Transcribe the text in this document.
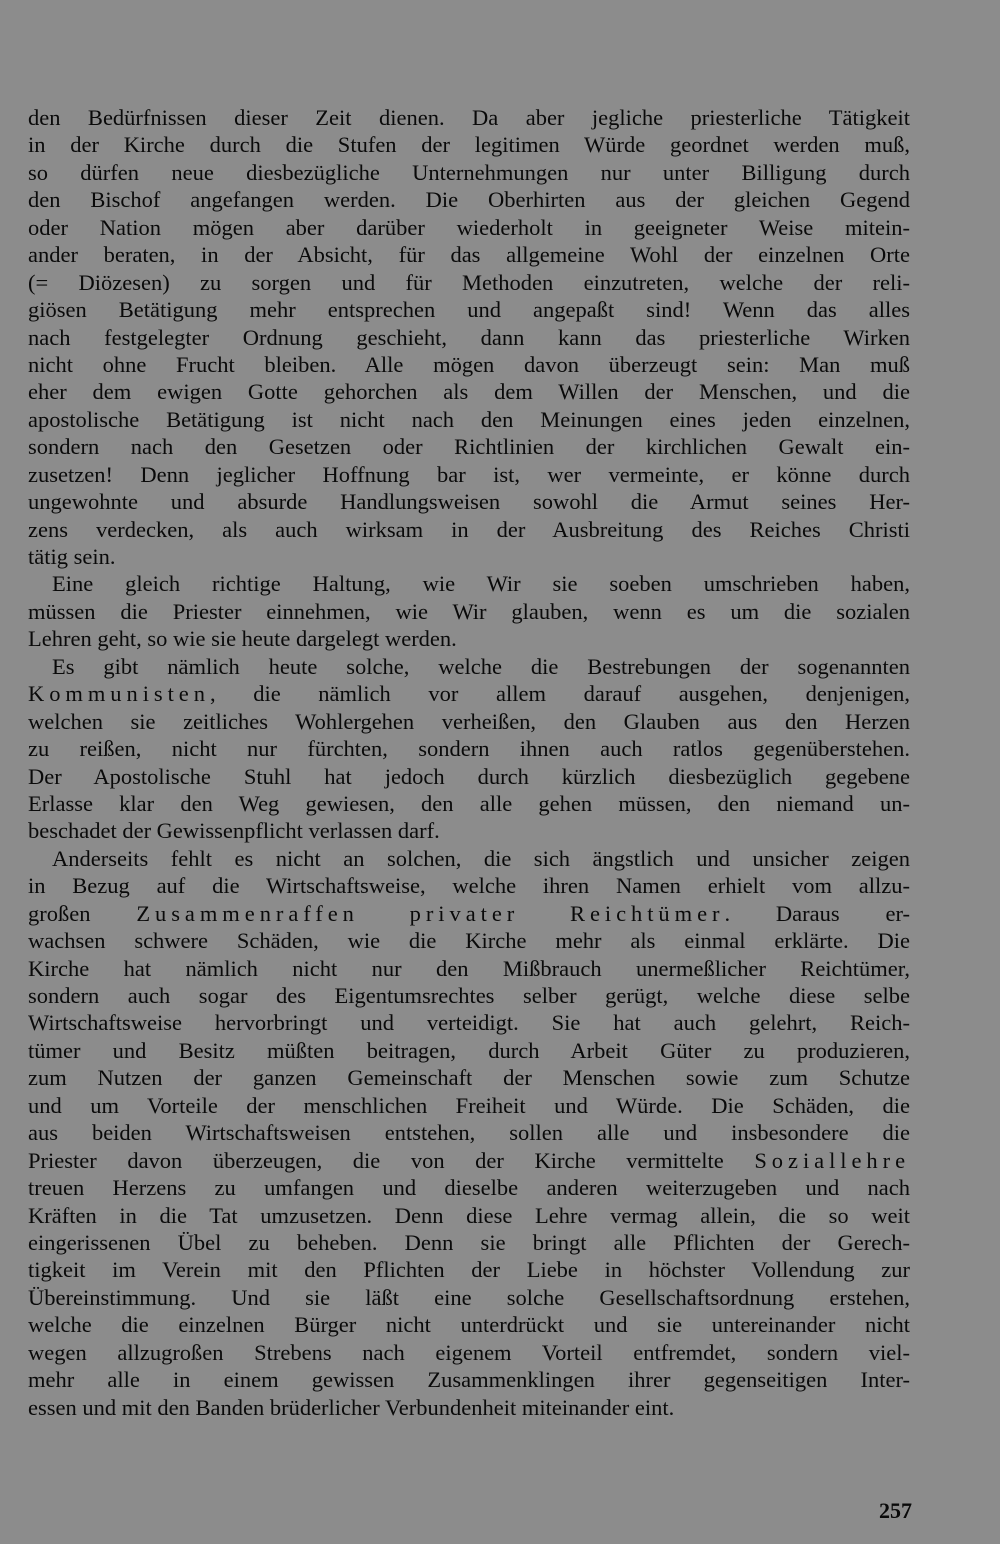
den Bedürfnissen dieser Zeit dienen. Da aber jegliche priesterliche Tätigkeit
in der Kirche durch die Stufen der legitimen Würde geordnet werden muß,
so dürfen neue diesbezügliche Unternehmungen nur unter Billigung durch
den Bischof angefangen werden. Die Oberhirten aus der gleichen Gegend
oder Nation mögen aber darüber wiederholt in geeigneter Weise mitein-
ander beraten, in der Absicht, für das allgemeine Wohl der einzelnen Orte
(= Diözesen) zu sorgen und für Methoden einzutreten, welche der reli-
giösen Betätigung mehr entsprechen und angepaßt sind! Wenn das alles
nach festgelegter Ordnung geschieht, dann kann das priesterliche Wirken
nicht ohne Frucht bleiben. Alle mögen davon überzeugt sein: Man muß
eher dem ewigen Gotte gehorchen als dem Willen der Menschen, und die
apostolische Betätigung ist nicht nach den Meinungen eines jeden einzelnen,
sondern nach den Gesetzen oder Richtlinien der kirchlichen Gewalt ein-
zusetzen! Denn jeglicher Hoffnung bar ist, wer vermeinte, er könne durch
ungewohnte und absurde Handlungsweisen sowohl die Armut seines Her-
zens verdecken, als auch wirksam in der Ausbreitung des Reiches Christi
tätig sein.
Eine gleich richtige Haltung, wie Wir sie soeben umschrieben haben,
müssen die Priester einnehmen, wie Wir glauben, wenn es um die sozialen
Lehren geht, so wie sie heute dargelegt werden.
Es gibt nämlich heute solche, welche die Bestrebungen der sogenannten
Kommunisten, die nämlich vor allem darauf ausgehen, denjenigen,
welchen sie zeitliches Wohlergehen verheißen, den Glauben aus den Herzen
zu reißen, nicht nur fürchten, sondern ihnen auch ratlos gegenüberstehen.
Der Apostolische Stuhl hat jedoch durch kürzlich diesbezüglich gegebene
Erlasse klar den Weg gewiesen, den alle gehen müssen, den niemand un-
beschadet der Gewissenpflicht verlassen darf.
Anderseits fehlt es nicht an solchen, die sich ängstlich und unsicher zeigen
in Bezug auf die Wirtschaftsweise, welche ihren Namen erhielt vom allzu-
großen Zusammenraffen privater Reichtümer. Daraus er-
wachsen schwere Schäden, wie die Kirche mehr als einmal erklärte. Die
Kirche hat nämlich nicht nur den Mißbrauch unermeßlicher Reichtümer,
sondern auch sogar des Eigentumsrechtes selber gerügt, welche diese selbe
Wirtschaftsweise hervorbringt und verteidigt. Sie hat auch gelehrt, Reich-
tümer und Besitz müßten beitragen, durch Arbeit Güter zu produzieren,
zum Nutzen der ganzen Gemeinschaft der Menschen sowie zum Schutze
und um Vorteile der menschlichen Freiheit und Würde. Die Schäden, die
aus beiden Wirtschaftsweisen entstehen, sollen alle und insbesondere die
Priester davon überzeugen, die von der Kirche vermittelte Soziallehre
treuen Herzens zu umfangen und dieselbe anderen weiterzugeben und nach
Kräften in die Tat umzusetzen. Denn diese Lehre vermag allein, die so weit
eingerissenen Übel zu beheben. Denn sie bringt alle Pflichten der Gerech-
tigkeit im Verein mit den Pflichten der Liebe in höchster Vollendung zur
Übereinstimmung. Und sie läßt eine solche Gesellschaftsordnung erstehen,
welche die einzelnen Bürger nicht unterdrückt und sie untereinander nicht
wegen allzugroßen Strebens nach eigenem Vorteil entfremdet, sondern viel-
mehr alle in einem gewissen Zusammenklingen ihrer gegenseitigen Inter-
essen und mit den Banden brüderlicher Verbundenheit miteinander eint.
257
